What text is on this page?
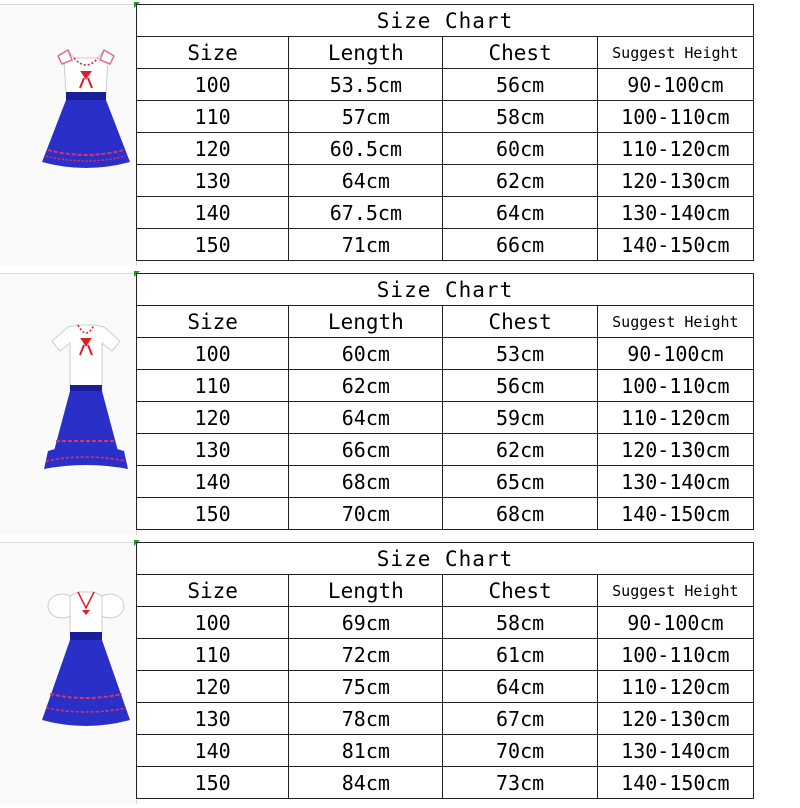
Size Chart			
Size	Length	Chest	Suggest Height
100	53.5cm	56cm	90-100cm
110	57cm	58cm	100-110cm
120	60.5cm	60cm	110-120cm
130	64cm	62cm	120-130cm
140	67.5cm	64cm	130-140cm
150	71cm	66cm	140-150cm
Size Chart			
Size	Length	Chest	Suggest Height
100	60cm	53cm	90-100cm
110	62cm	56cm	100-110cm
120	64cm	59cm	110-120cm
130	66cm	62cm	120-130cm
140	68cm	65cm	130-140cm
150	70cm	68cm	140-150cm
Size Chart			
Size	Length	Chest	Suggest Height
100	69cm	58cm	90-100cm
110	72cm	61cm	100-110cm
120	75cm	64cm	110-120cm
130	78cm	67cm	120-130cm
140	81cm	70cm	130-140cm
150	84cm	73cm	140-150cm
